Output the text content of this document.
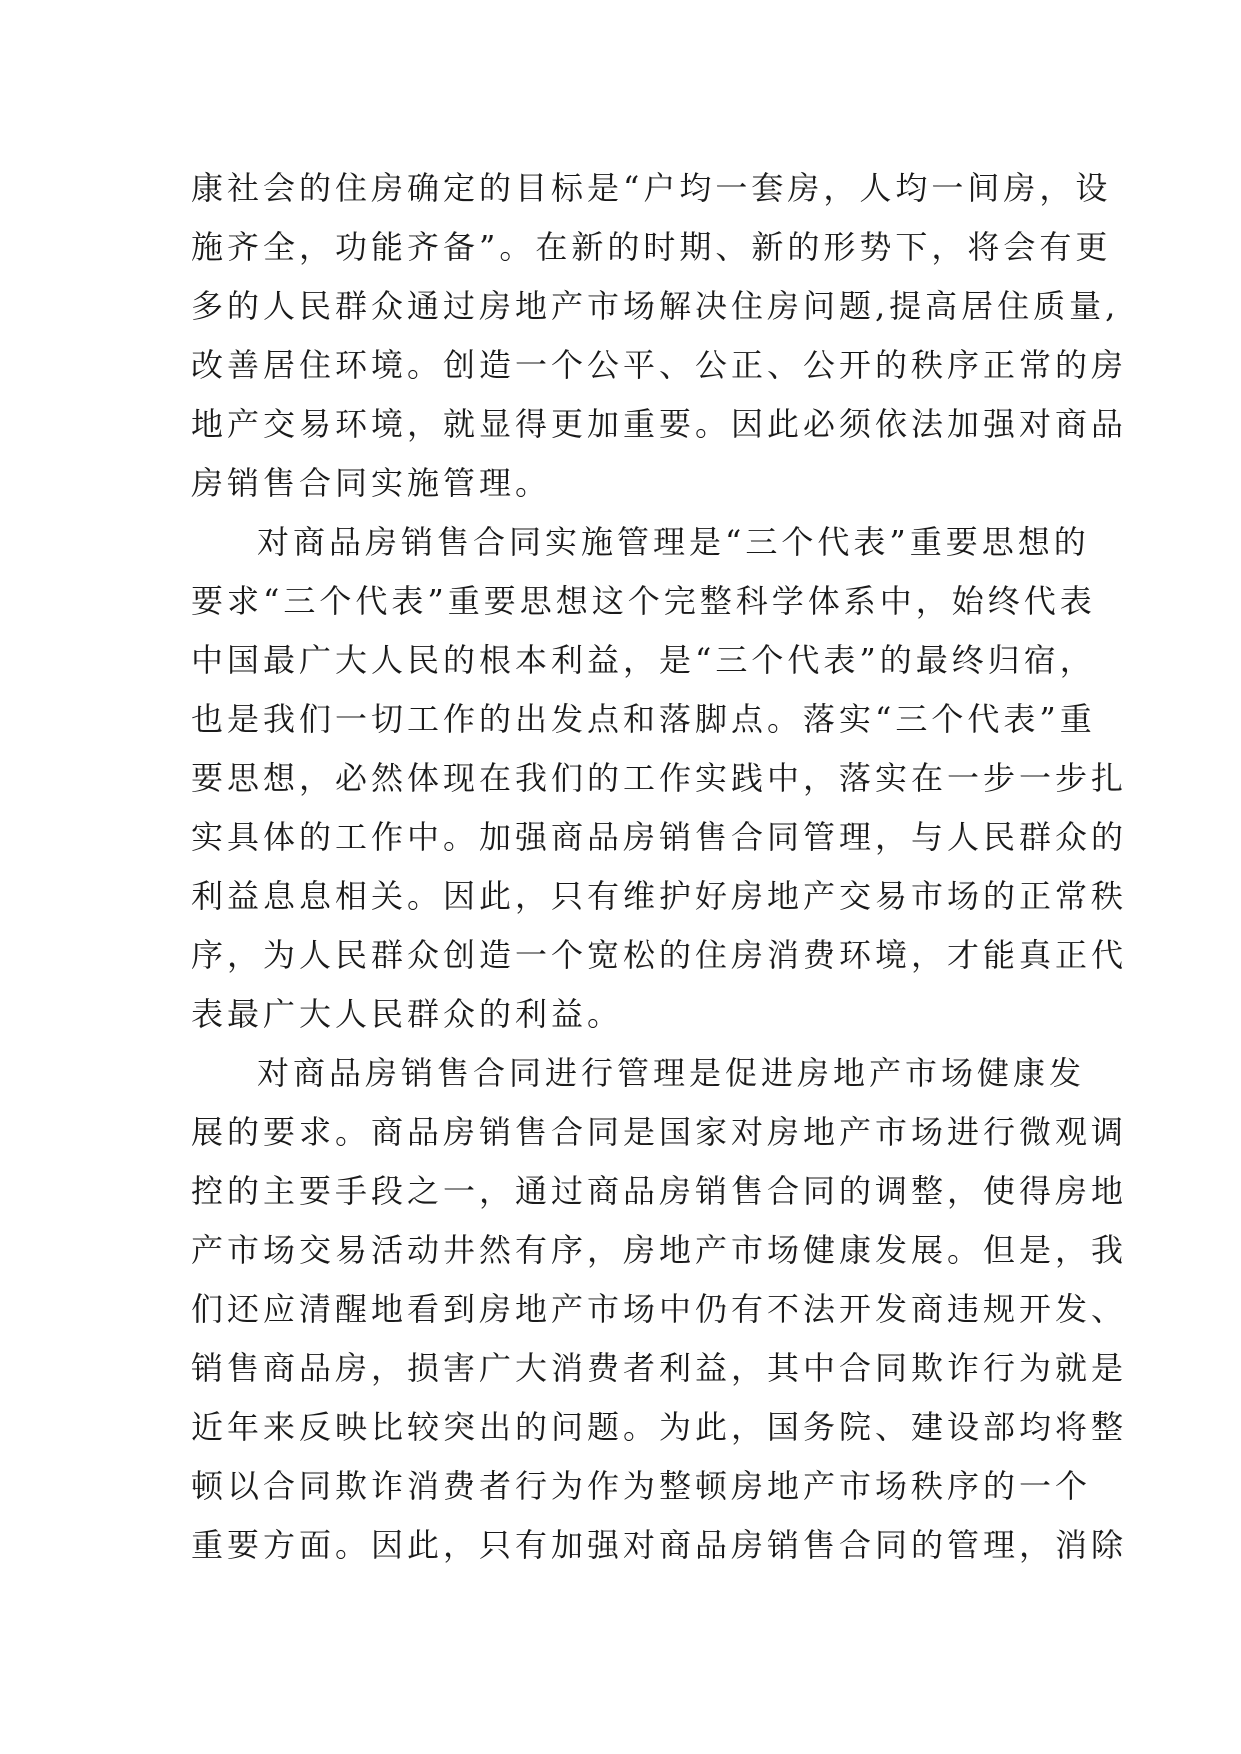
康社会的住房确定的目标是“户均一套房，人均一间房，设
施齐全，功能齐备”。在新的时期、新的形势下，将会有更
多的人民群众通过房地产市场解决住房问题,提高居住质量,
改善居住环境。创造一个公平、公正、公开的秩序正常的房
地产交易环境，就显得更加重要。因此必须依法加强对商品
房销售合同实施管理。
对商品房销售合同实施管理是“三个代表”重要思想的
要求“三个代表”重要思想这个完整科学体系中，始终代表
中国最广大人民的根本利益，是“三个代表”的最终归宿，
也是我们一切工作的出发点和落脚点。落实“三个代表”重
要思想，必然体现在我们的工作实践中，落实在一步一步扎
实具体的工作中。加强商品房销售合同管理，与人民群众的
利益息息相关。因此，只有维护好房地产交易市场的正常秩
序，为人民群众创造一个宽松的住房消费环境，才能真正代
表最广大人民群众的利益。
对商品房销售合同进行管理是促进房地产市场健康发
展的要求。商品房销售合同是国家对房地产市场进行微观调
控的主要手段之一，通过商品房销售合同的调整，使得房地
产市场交易活动井然有序，房地产市场健康发展。但是，我
们还应清醒地看到房地产市场中仍有不法开发商违规开发、
销售商品房，损害广大消费者利益，其中合同欺诈行为就是
近年来反映比较突出的问题。为此，国务院、建设部均将整
顿以合同欺诈消费者行为作为整顿房地产市场秩序的一个
重要方面。因此，只有加强对商品房销售合同的管理，消除
